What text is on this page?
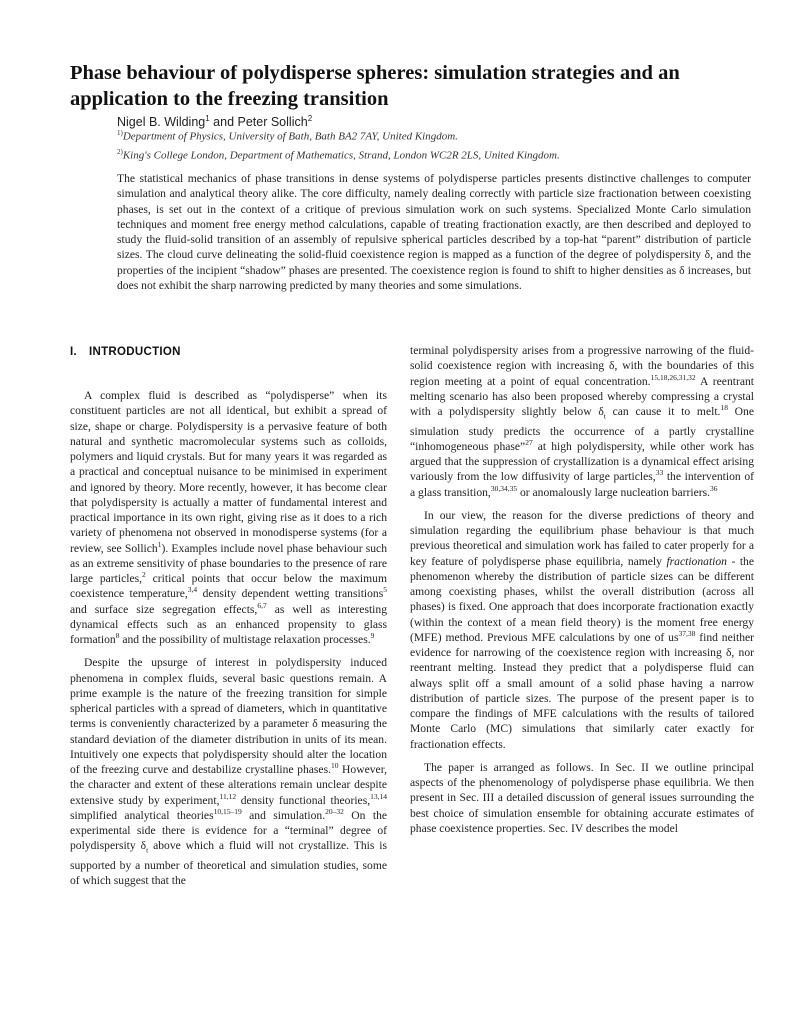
Phase behaviour of polydisperse spheres: simulation strategies and an application to the freezing transition
Nigel B. Wilding$^1$ and Peter Sollich$^2$
$^{1)}$Department of Physics, University of Bath, Bath BA2 7AY, United Kingdom.
$^{2)}$King's College London, Department of Mathematics, Strand, London WC2R 2LS, United Kingdom.

The statistical mechanics of phase transitions in dense systems of polydisperse particles presents distinctive challenges to computer simulation and analytical theory alike. The core difficulty, namely dealing correctly with particle size fractionation between coexisting phases, is set out in the context of a critique of previous simulation work on such systems. Specialized Monte Carlo simulation techniques and moment free energy method calculations, capable of treating fractionation exactly, are then described and deployed to study the fluid-solid transition of an assembly of repulsive spherical particles described by a top-hat “parent” distribution of particle sizes. The cloud curve delineating the solid-fluid coexistence region is mapped as a function of the degree of polydispersity δ, and the properties of the incipient “shadow” phases are presented. The coexistence region is found to shift to higher densities as δ increases, but does not exhibit the sharp narrowing predicted by many theories and some simulations.

I. INTRODUCTION

A complex fluid is described as “polydisperse” when its constituent particles are not all identical, but exhibit a spread of size, shape or charge. Polydispersity is a pervasive feature of both natural and synthetic macromolecular systems such as colloids, polymers and liquid crystals. But for many years it was regarded as a practical and conceptual nuisance to be minimised in experiment and ignored by theory. More recently, however, it has become clear that polydispersity is actually a matter of fundamental interest and practical importance in its own right, giving rise as it does to a rich variety of phenomena not observed in monodisperse systems (for a review, see Sollich$^1$). Examples include novel phase behaviour such as an extreme sensitivity of phase boundaries to the presence of rare large particles,$^2$ critical points that occur below the maximum coexistence temperature,$^{3,4}$ density dependent wetting transitions$^5$ and surface size segregation effects,$^{6,7}$ as well as interesting dynamical effects such as an enhanced propensity to glass formation$^8$ and the possibility of multistage relaxation processes.$^9$

Despite the upsurge of interest in polydispersity induced phenomena in complex fluids, several basic questions remain. A prime example is the nature of the freezing transition for simple spherical particles with a spread of diameters, which in quantitative terms is conveniently characterized by a parameter δ measuring the standard deviation of the diameter distribution in units of its mean. Intuitively one expects that polydispersity should alter the location of the freezing curve and destabilize crystalline phases.$^{10}$ However, the character and extent of these alterations remain unclear despite extensive study by experiment,$^{11,12}$ density functional theories,$^{13,14}$ simplified analytical theories$^{10,15-19}$ and simulation.$^{20-32}$ On the experimental side there is evidence for a “terminal” degree of polydispersity $\delta_t$ above which a fluid will not crystallize. This is supported by a number of theoretical and simulation studies, some of which suggest that the

terminal polydispersity arises from a progressive narrowing of the fluid-solid coexistence region with increasing δ, with the boundaries of this region meeting at a point of equal concentration.$^{15,18,26,31,32}$ A reentrant melting scenario has also been proposed whereby compressing a crystal with a polydispersity slightly below $\delta_t$ can cause it to melt.$^{18}$ One simulation study predicts the occurrence of a partly crystalline “inhomogeneous phase”$^{27}$ at high polydispersity, while other work has argued that the suppression of crystallization is a dynamical effect arising variously from the low diffusivity of large particles,$^{33}$ the intervention of a glass transition,$^{30,34,35}$ or anomalously large nucleation barriers.$^{36}$

In our view, the reason for the diverse predictions of theory and simulation regarding the equilibrium phase behaviour is that much previous theoretical and simulation work has failed to cater properly for a key feature of polydisperse phase equilibria, namely fractionation - the phenomenon whereby the distribution of particle sizes can be different among coexisting phases, whilst the overall distribution (across all phases) is fixed. One approach that does incorporate fractionation exactly (within the context of a mean field theory) is the moment free energy (MFE) method. Previous MFE calculations by one of us$^{37,38}$ find neither evidence for narrowing of the coexistence region with increasing δ, nor reentrant melting. Instead they predict that a polydisperse fluid can always split off a small amount of a solid phase having a narrow distribution of particle sizes. The purpose of the present paper is to compare the findings of MFE calculations with the results of tailored Monte Carlo (MC) simulations that similarly cater exactly for fractionation effects.

The paper is arranged as follows. In Sec. II we outline principal aspects of the phenomenology of polydisperse phase equilibria. We then present in Sec. III a detailed discussion of general issues surrounding the best choice of simulation ensemble for obtaining accurate estimates of phase coexistence properties. Sec. IV describes the model
